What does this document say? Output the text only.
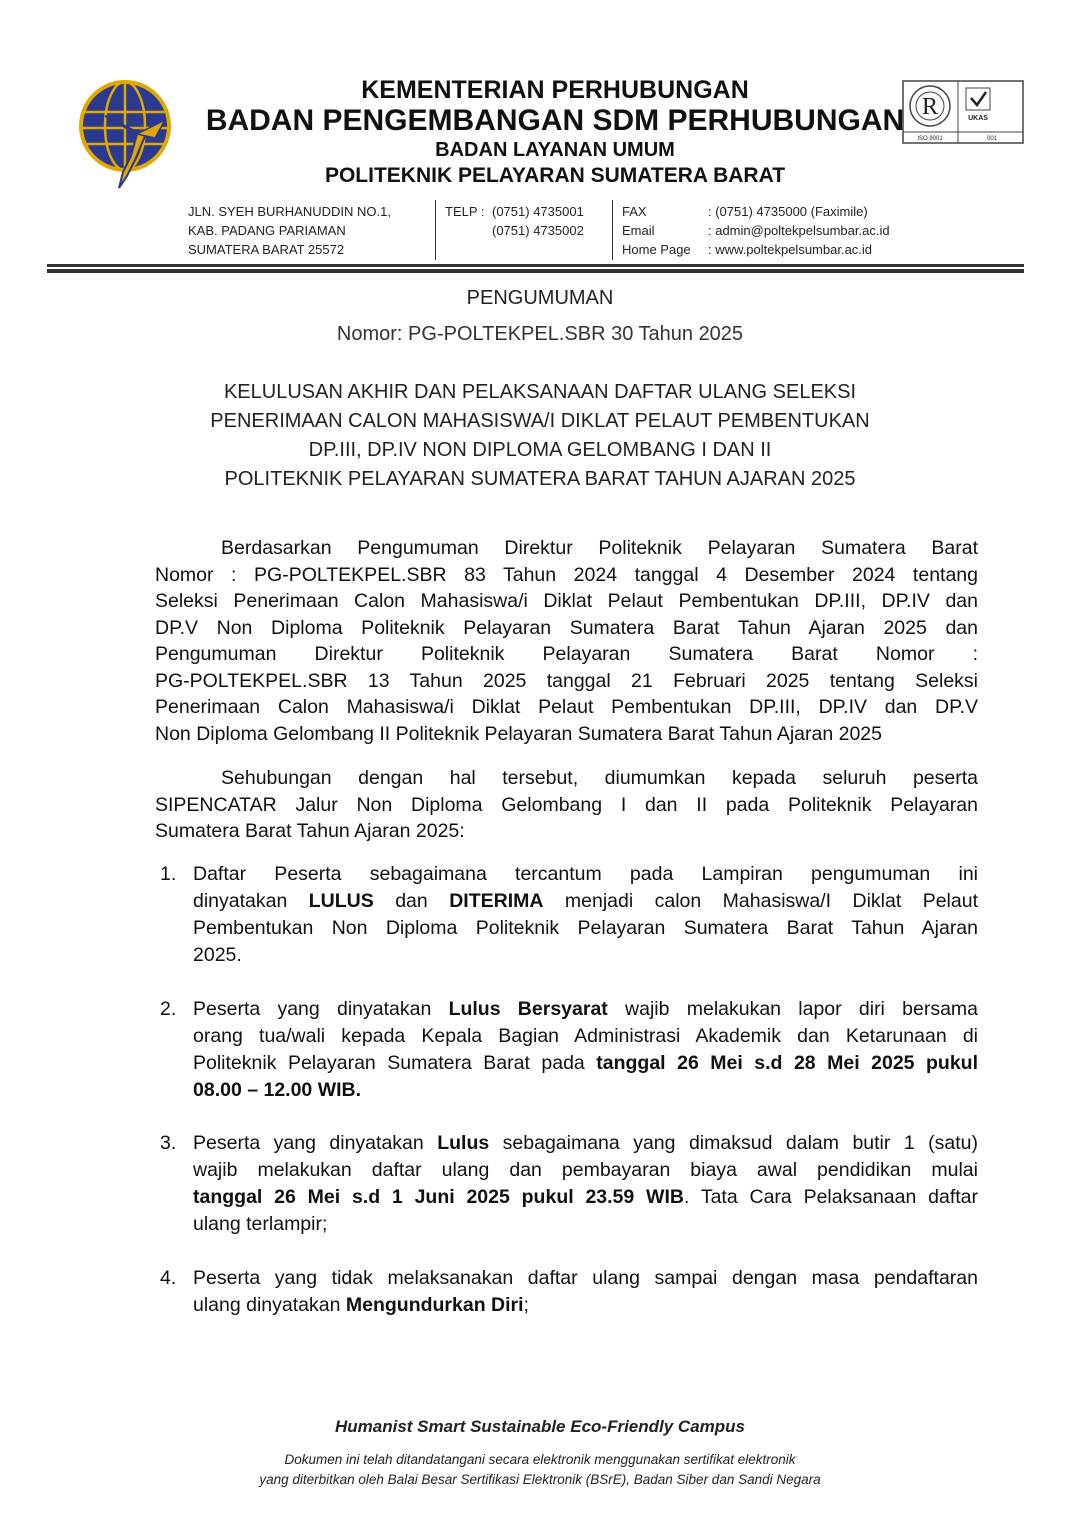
R
ISO 9001
UKAS
001
KEMENTERIAN PERHUBUNGAN
BADAN PENGEMBANGAN SDM PERHUBUNGAN
BADAN LAYANAN UMUM
POLITEKNIK PELAYARAN SUMATERA BARAT
JLN. SYEH BURHANUDDIN NO.1,
KAB. PADANG PARIAMAN
SUMATERA BARAT 25572
TELP : (0751) 4735001
(0751) 4735002
FAX	: (0751) 4735000 (Faximile)
Email	: admin@poltekpelsumbar.ac.id
Home Page	: www.poltekpelsumbar.ac.id
PENGUMUMAN
Nomor: PG-POLTEKPEL.SBR 30 Tahun 2025
KELULUSAN AKHIR DAN PELAKSANAAN DAFTAR ULANG SELEKSI
PENERIMAAN CALON MAHASISWA/I DIKLAT PELAUT PEMBENTUKAN
DP.III, DP.IV NON DIPLOMA GELOMBANG I DAN II
POLITEKNIK PELAYARAN SUMATERA BARAT TAHUN AJARAN 2025
Berdasarkan Pengumuman Direktur Politeknik Pelayaran Sumatera Barat
Nomor : PG-POLTEKPEL.SBR 83 Tahun 2024 tanggal 4 Desember 2024 tentang
Seleksi Penerimaan Calon Mahasiswa/i Diklat Pelaut Pembentukan DP.III, DP.IV dan
DP.V Non Diploma Politeknik Pelayaran Sumatera Barat Tahun Ajaran 2025 dan
Pengumuman Direktur Politeknik Pelayaran Sumatera Barat Nomor :
PG-POLTEKPEL.SBR 13 Tahun 2025 tanggal 21 Februari 2025 tentang Seleksi
Penerimaan Calon Mahasiswa/i Diklat Pelaut Pembentukan DP.III, DP.IV dan DP.V
Non Diploma Gelombang II Politeknik Pelayaran Sumatera Barat Tahun Ajaran 2025
Sehubungan dengan hal tersebut, diumumkan kepada seluruh peserta
SIPENCATAR Jalur Non Diploma Gelombang I dan II pada Politeknik Pelayaran
Sumatera Barat Tahun Ajaran 2025:
1. Daftar Peserta sebagaimana tercantum pada Lampiran pengumuman ini
dinyatakan LULUS dan DITERIMA menjadi calon Mahasiswa/I Diklat Pelaut
Pembentukan Non Diploma Politeknik Pelayaran Sumatera Barat Tahun Ajaran
2025.
2. Peserta yang dinyatakan Lulus Bersyarat wajib melakukan lapor diri bersama
orang tua/wali kepada Kepala Bagian Administrasi Akademik dan Ketarunaan di
Politeknik Pelayaran Sumatera Barat pada tanggal 26 Mei s.d 28 Mei 2025 pukul
08.00 – 12.00 WIB.
3. Peserta yang dinyatakan Lulus sebagaimana yang dimaksud dalam butir 1 (satu)
wajib melakukan daftar ulang dan pembayaran biaya awal pendidikan mulai
tanggal 26 Mei s.d 1 Juni 2025 pukul 23.59 WIB. Tata Cara Pelaksanaan daftar
ulang terlampir;
4. Peserta yang tidak melaksanakan daftar ulang sampai dengan masa pendaftaran
ulang dinyatakan Mengundurkan Diri;
Humanist Smart Sustainable Eco-Friendly Campus
Dokumen ini telah ditandatangani secara elektronik menggunakan sertifikat elektronik
yang diterbitkan oleh Balai Besar Sertifikasi Elektronik (BSrE), Badan Siber dan Sandi Negara
